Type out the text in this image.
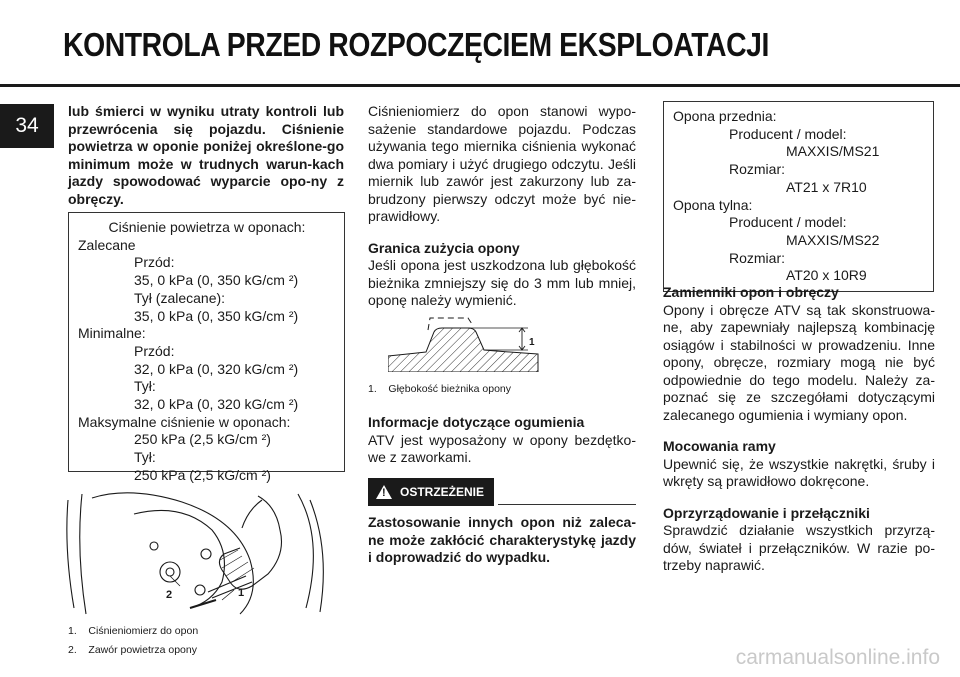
KONTROLA PRZED ROZPOCZĘCIEM EKSPLOATACJI
34

lub śmierci w wyniku utraty kontroli lub przewrócenia się pojazdu. Ciśnienie powietrza w oponie poniżej określone-go minimum może w trudnych warun-kach jazdy spowodować wyparcie opo-ny z obręczy.

Ciśnienie powietrza w oponach:
Zalecane
Przód:
35, 0 kPa (0, 350 kG/cm ²)
Tył (zalecane):
35, 0 kPa (0, 350 kG/cm ²)
Minimalne:
Przód:
32, 0 kPa (0, 320 kG/cm ²)
Tył:
32, 0 kPa (0, 320 kG/cm ²)
Maksymalne ciśnienie w oponach:
250 kPa (2,5 kG/cm ²)
Tył:
250 kPa (2,5 kG/cm ²)
2	1
1.    Ciśnieniomierz do opon
2.    Zawór powietrza opony

Ciśnieniomierz do opon stanowi wypo-sażenie standardowe pojazdu. Podczas używania tego miernika ciśnienia wykonać dwa pomiary i użyć drugiego odczytu. Jeśli miernik lub zawór jest zakurzony lub za-brudzony pierwszy odczyt może być nie-prawidłowy.

Granica zużycia opony

Jeśli opona jest uszkodzona lub głębokość bieżnika zmniejszy się do 3 mm lub mniej, oponę należy wymienić.

1
1.    Głębokość bieżnika opony

Informacje dotyczące ogumienia

ATV jest wyposażony w opony bezdętko-we z zaworkami.

! OSTRZEŻENIE

Zastosowanie innych opon niż zaleca-ne może zakłócić charakterystykę jazdy i doprowadzić do wypadku.

Opona przednia:
Producent / model:
MAXXIS/MS21
Rozmiar:
AT21 x 7R10
Opona tylna:
Producent / model:
MAXXIS/MS22
Rozmiar:
AT20 x 10R9

Zamienniki opon i obręczy

Opony i obręcze ATV są tak skonstruowa-ne, aby zapewniały najlepszą kombinację osiągów i stabilności w prowadzeniu. Inne opony, obręcze, rozmiary mogą nie być odpowiednie do tego modelu. Należy za-poznać się ze szczegółami dotyczącymi zalecanego ogumienia i wymiany opon.

Mocowania ramy

Upewnić się, że wszystkie nakrętki, śruby i wkręty są prawidłowo dokręcone.

Oprzyrządowanie i przełączniki

Sprawdzić działanie wszystkich przyrzą-dów, świateł i przełączników. W razie po-trzeby naprawić.

carmanualsonline.info
